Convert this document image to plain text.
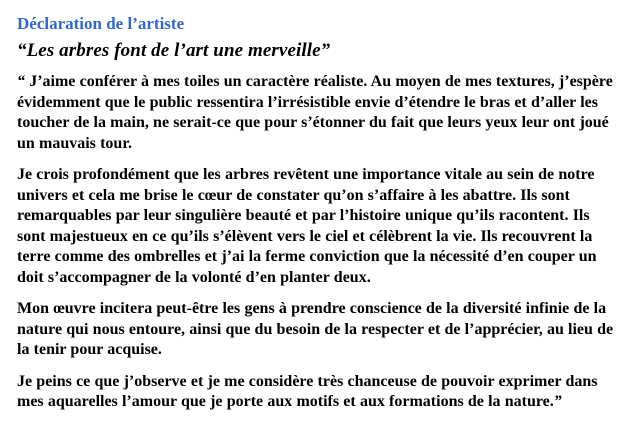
Déclaration de l’artiste
“Les arbres font de l’art une merveille”

“ J’aime conférer à mes toiles un caractère réaliste. Au moyen de mes textures, j’espère évidemment que le public ressentira l’irrésistible envie d’étendre le bras et d’aller les toucher de la main, ne serait-ce que pour s’étonner du fait que leurs yeux leur ont joué un mauvais tour.

Je crois profondément que les arbres revêtent une importance vitale au sein de notre univers et cela me brise le cœur de constater qu’on s’affaire à les abattre. Ils sont remarquables par leur singulière beauté et par l’histoire unique qu’ils racontent. Ils sont majestueux en ce qu’ils s’élèvent vers le ciel et célèbrent la vie. Ils recouvrent la terre comme des ombrelles et j’ai la ferme conviction que la nécessité d’en couper un doit s’accompagner de la volonté d’en planter deux.

Mon œuvre incitera peut-être les gens à prendre conscience de la diversité infinie de la nature qui nous entoure, ainsi que du besoin de la respecter et de l’apprécier, au lieu de la tenir pour acquise.

Je peins ce que j’observe et je me considère très chanceuse de pouvoir exprimer dans mes aquarelles l’amour que je porte aux motifs et aux formations de la nature.”
